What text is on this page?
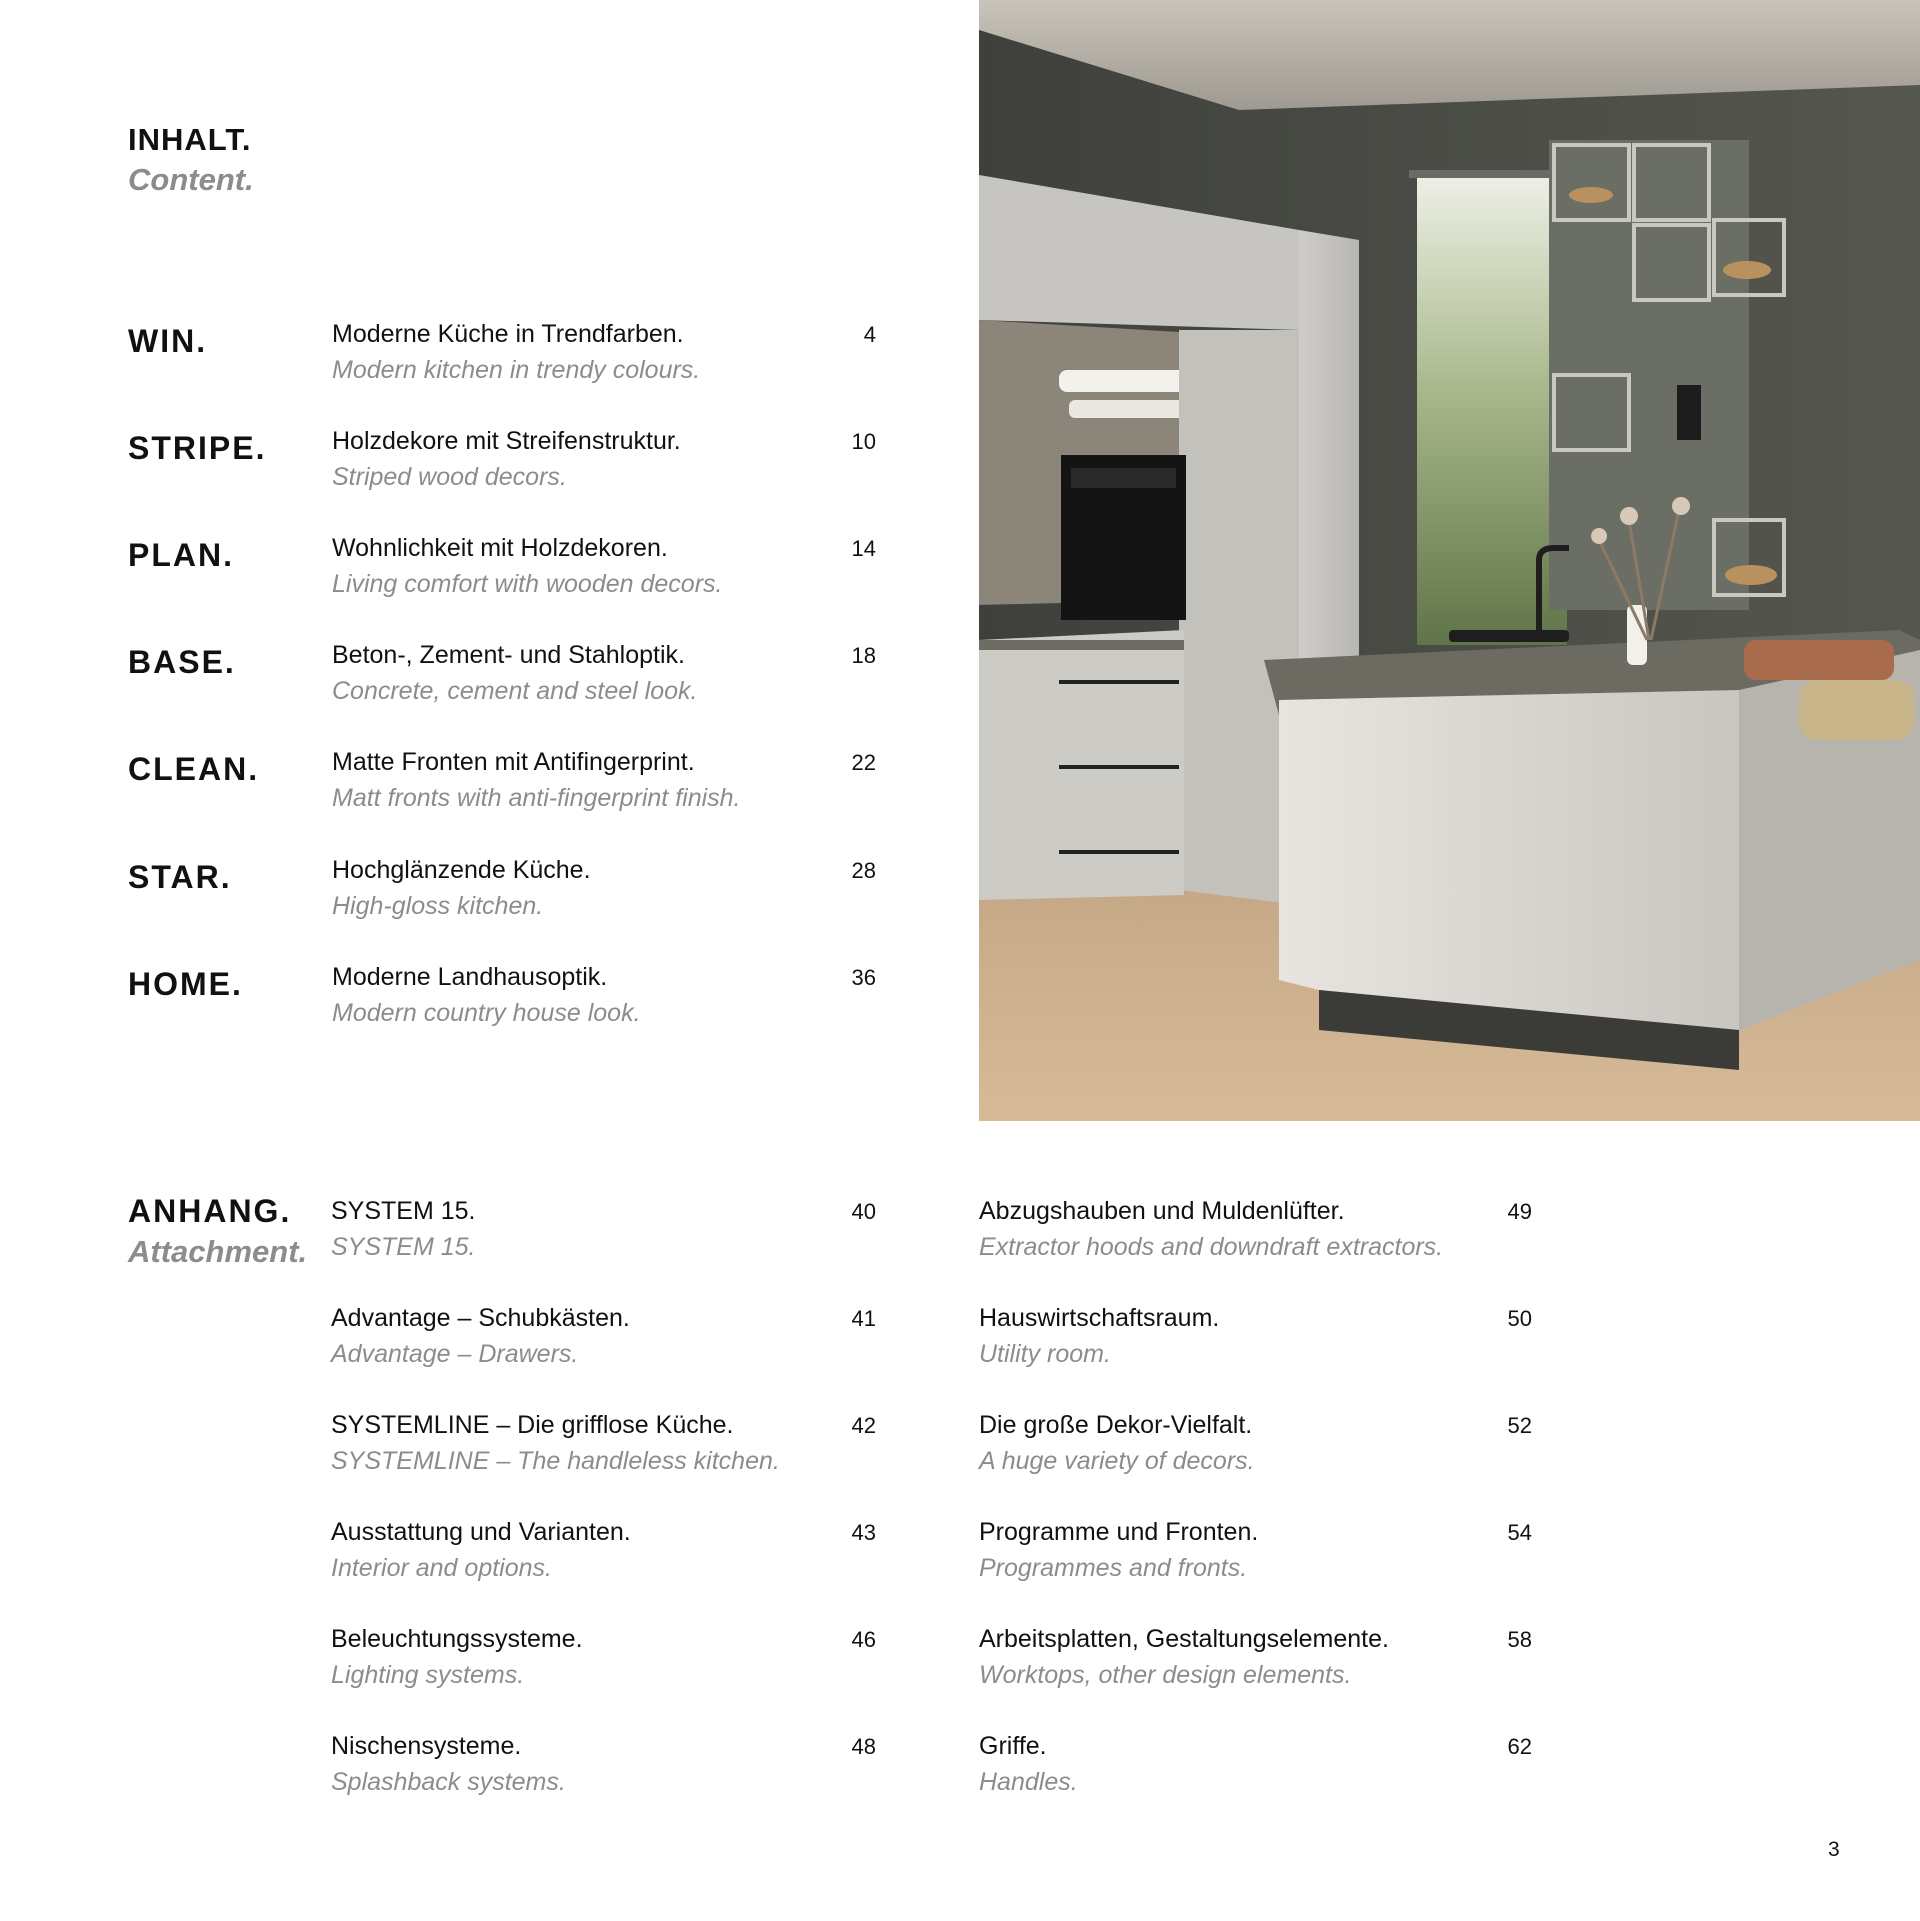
INHALT.
Content.
WIN.	Moderne Küche in Trendfarben.
Modern kitchen in trendy colours.
4
STRIPE.	Holzdekore mit Streifenstruktur.
Striped wood decors.
10
PLAN.	Wohnlichkeit mit Holzdekoren.
Living comfort with wooden decors.
14
BASE.	Beton-, Zement- und Stahloptik.
Concrete, cement and steel look.
18
CLEAN.	Matte Fronten mit Antifingerprint.
Matt fronts with anti-fingerprint finish.
22
STAR.	Hochglänzende Küche.
High-gloss kitchen.
28
HOME.	Moderne Landhausoptik.
Modern country house look.
36
ANHANG.
Attachment.
SYSTEM 15.
SYSTEM 15.
40
Advantage – Schubkästen.
Advantage – Drawers.
41
SYSTEMLINE – Die grifflose Küche.
SYSTEMLINE – The handleless kitchen.
42
Ausstattung und Varianten.
Interior and options.
43
Beleuchtungssysteme.
Lighting systems.
46
Nischensysteme.
Splashback systems.
48
Abzugshauben und Muldenlüfter.
Extractor hoods and downdraft extractors.
49
Hauswirtschaftsraum.
Utility room.
50
Die große Dekor-Vielfalt.
A huge variety of decors.
52
Programme und Fronten.
Programmes and fronts.
54
Arbeitsplatten, Gestaltungselemente.
Worktops, other design elements.
58
Griffe.
Handles.
62
3
